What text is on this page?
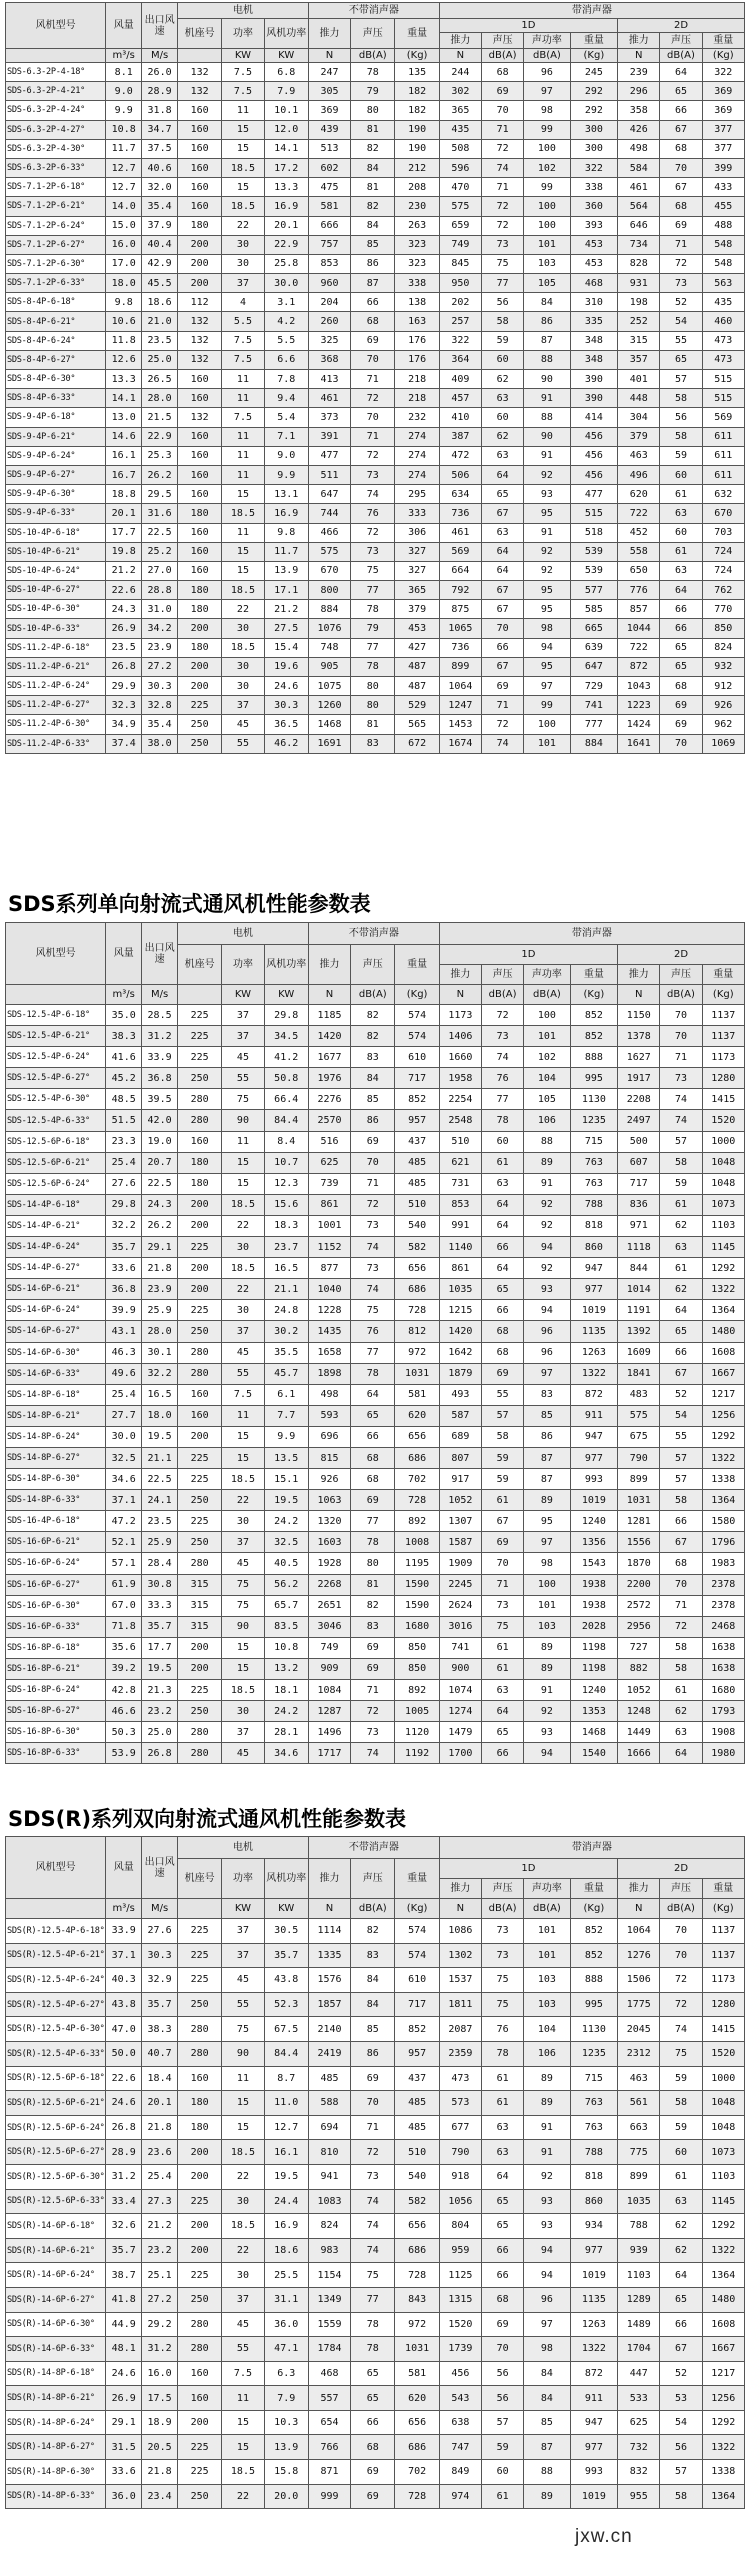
风机型号	风量	出口风速	电机			不带消声器			带消声器						
			机座号	功率	风机功率	推力	声压	重量	1D				2D		
									推力	声压	声功率	重量	推力	声压	重量
	m³/s	M/s		KW	KW	N	dB(A)	(Kg)	N	dB(A)	dB(A)	(Kg)	N	dB(A)	(Kg)
SDS-6.3-2P-4-18°	8.1	26.0	132	7.5	6.8	247	78	135	244	68	96	245	239	64	322
SDS-6.3-2P-4-21°	9.0	28.9	132	7.5	7.9	305	79	182	302	69	97	292	296	65	369
SDS-6.3-2P-4-24°	9.9	31.8	160	11	10.1	369	80	182	365	70	98	292	358	66	369
SDS-6.3-2P-4-27°	10.8	34.7	160	15	12.0	439	81	190	435	71	99	300	426	67	377
SDS-6.3-2P-4-30°	11.7	37.5	160	15	14.1	513	82	190	508	72	100	300	498	68	377
SDS-6.3-2P-6-33°	12.7	40.6	160	18.5	17.2	602	84	212	596	74	102	322	584	70	399
SDS-7.1-2P-6-18°	12.7	32.0	160	15	13.3	475	81	208	470	71	99	338	461	67	433
SDS-7.1-2P-6-21°	14.0	35.4	160	18.5	16.9	581	82	230	575	72	100	360	564	68	455
SDS-7.1-2P-6-24°	15.0	37.9	180	22	20.1	666	84	263	659	72	100	393	646	69	488
SDS-7.1-2P-6-27°	16.0	40.4	200	30	22.9	757	85	323	749	73	101	453	734	71	548
SDS-7.1-2P-6-30°	17.0	42.9	200	30	25.8	853	86	323	845	75	103	453	828	72	548
SDS-7.1-2P-6-33°	18.0	45.5	200	37	30.0	960	87	338	950	77	105	468	931	73	563
SDS-8-4P-6-18°	9.8	18.6	112	4	3.1	204	66	138	202	56	84	310	198	52	435
SDS-8-4P-6-21°	10.6	21.0	132	5.5	4.2	260	68	163	257	58	86	335	252	54	460
SDS-8-4P-6-24°	11.8	23.5	132	7.5	5.5	325	69	176	322	59	87	348	315	55	473
SDS-8-4P-6-27°	12.6	25.0	132	7.5	6.6	368	70	176	364	60	88	348	357	65	473
SDS-8-4P-6-30°	13.3	26.5	160	11	7.8	413	71	218	409	62	90	390	401	57	515
SDS-8-4P-6-33°	14.1	28.0	160	11	9.4	461	72	218	457	63	91	390	448	58	515
SDS-9-4P-6-18°	13.0	21.5	132	7.5	5.4	373	70	232	410	60	88	414	304	56	569
SDS-9-4P-6-21°	14.6	22.9	160	11	7.1	391	71	274	387	62	90	456	379	58	611
SDS-9-4P-6-24°	16.1	25.3	160	11	9.0	477	72	274	472	63	91	456	463	59	611
SDS-9-4P-6-27°	16.7	26.2	160	11	9.9	511	73	274	506	64	92	456	496	60	611
SDS-9-4P-6-30°	18.8	29.5	160	15	13.1	647	74	295	634	65	93	477	620	61	632
SDS-9-4P-6-33°	20.1	31.6	180	18.5	16.9	744	76	333	736	67	95	515	722	63	670
SDS-10-4P-6-18°	17.7	22.5	160	11	9.8	466	72	306	461	63	91	518	452	60	703
SDS-10-4P-6-21°	19.8	25.2	160	15	11.7	575	73	327	569	64	92	539	558	61	724
SDS-10-4P-6-24°	21.2	27.0	160	15	13.9	670	75	327	664	64	92	539	650	63	724
SDS-10-4P-6-27°	22.6	28.8	180	18.5	17.1	800	77	365	792	67	95	577	776	64	762
SDS-10-4P-6-30°	24.3	31.0	180	22	21.2	884	78	379	875	67	95	585	857	66	770
SDS-10-4P-6-33°	26.9	34.2	200	30	27.5	1076	79	453	1065	70	98	665	1044	66	850
SDS-11.2-4P-6-18°	23.5	23.9	180	18.5	15.4	748	77	427	736	66	94	639	722	65	824
SDS-11.2-4P-6-21°	26.8	27.2	200	30	19.6	905	78	487	899	67	95	647	872	65	932
SDS-11.2-4P-6-24°	29.9	30.3	200	30	24.6	1075	80	487	1064	69	97	729	1043	68	912
SDS-11.2-4P-6-27°	32.3	32.8	225	37	30.3	1260	80	529	1247	71	99	741	1223	69	926
SDS-11.2-4P-6-30°	34.9	35.4	250	45	36.5	1468	81	565	1453	72	100	777	1424	69	962
SDS-11.2-4P-6-33°	37.4	38.0	250	55	46.2	1691	83	672	1674	74	101	884	1641	70	1069
SDS系列单向射流式通风机性能参数表
风机型号	风量	出口风速	电机			不带消声器			带消声器						
			机座号	功率	风机功率	推力	声压	重量	1D				2D		
									推力	声压	声功率	重量	推力	声压	重量
	m³/s	M/s		KW	KW	N	dB(A)	(Kg)	N	dB(A)	dB(A)	(Kg)	N	dB(A)	(Kg)
SDS-12.5-4P-6-18°	35.0	28.5	225	37	29.8	1185	82	574	1173	72	100	852	1150	70	1137
SDS-12.5-4P-6-21°	38.3	31.2	225	37	34.5	1420	82	574	1406	73	101	852	1378	70	1137
SDS-12.5-4P-6-24°	41.6	33.9	225	45	41.2	1677	83	610	1660	74	102	888	1627	71	1173
SDS-12.5-4P-6-27°	45.2	36.8	250	55	50.8	1976	84	717	1958	76	104	995	1917	73	1280
SDS-12.5-4P-6-30°	48.5	39.5	280	75	66.4	2276	85	852	2254	77	105	1130	2208	74	1415
SDS-12.5-4P-6-33°	51.5	42.0	280	90	84.4	2570	86	957	2548	78	106	1235	2497	74	1520
SDS-12.5-6P-6-18°	23.3	19.0	160	11	8.4	516	69	437	510	60	88	715	500	57	1000
SDS-12.5-6P-6-21°	25.4	20.7	180	15	10.7	625	70	485	621	61	89	763	607	58	1048
SDS-12.5-6P-6-24°	27.6	22.5	180	15	12.3	739	71	485	731	63	91	763	717	59	1048
SDS-14-4P-6-18°	29.8	24.3	200	18.5	15.6	861	72	510	853	64	92	788	836	61	1073
SDS-14-4P-6-21°	32.2	26.2	200	22	18.3	1001	73	540	991	64	92	818	971	62	1103
SDS-14-4P-6-24°	35.7	29.1	225	30	23.7	1152	74	582	1140	66	94	860	1118	63	1145
SDS-14-4P-6-27°	33.6	21.8	200	18.5	16.5	877	73	656	861	64	92	947	844	61	1292
SDS-14-6P-6-21°	36.8	23.9	200	22	21.1	1040	74	686	1035	65	93	977	1014	62	1322
SDS-14-6P-6-24°	39.9	25.9	225	30	24.8	1228	75	728	1215	66	94	1019	1191	64	1364
SDS-14-6P-6-27°	43.1	28.0	250	37	30.2	1435	76	812	1420	68	96	1135	1392	65	1480
SDS-14-6P-6-30°	46.3	30.1	280	45	35.5	1658	77	972	1642	68	96	1263	1609	66	1608
SDS-14-6P-6-33°	49.6	32.2	280	55	45.7	1898	78	1031	1879	69	97	1322	1841	67	1667
SDS-14-8P-6-18°	25.4	16.5	160	7.5	6.1	498	64	581	493	55	83	872	483	52	1217
SDS-14-8P-6-21°	27.7	18.0	160	11	7.7	593	65	620	587	57	85	911	575	54	1256
SDS-14-8P-6-24°	30.0	19.5	200	15	9.9	696	66	656	689	58	86	947	675	55	1292
SDS-14-8P-6-27°	32.5	21.1	225	15	13.5	815	68	686	807	59	87	977	790	57	1322
SDS-14-8P-6-30°	34.6	22.5	225	18.5	15.1	926	68	702	917	59	87	993	899	57	1338
SDS-14-8P-6-33°	37.1	24.1	250	22	19.5	1063	69	728	1052	61	89	1019	1031	58	1364
SDS-16-4P-6-18°	47.2	23.5	225	30	24.2	1320	77	892	1307	67	95	1240	1281	66	1580
SDS-16-6P-6-21°	52.1	25.9	250	37	32.5	1603	78	1008	1587	69	97	1356	1556	67	1796
SDS-16-6P-6-24°	57.1	28.4	280	45	40.5	1928	80	1195	1909	70	98	1543	1870	68	1983
SDS-16-6P-6-27°	61.9	30.8	315	75	56.2	2268	81	1590	2245	71	100	1938	2200	70	2378
SDS-16-6P-6-30°	67.0	33.3	315	75	65.7	2651	82	1590	2624	73	101	1938	2572	71	2378
SDS-16-6P-6-33°	71.8	35.7	315	90	83.5	3046	83	1680	3016	75	103	2028	2956	72	2468
SDS-16-8P-6-18°	35.6	17.7	200	15	10.8	749	69	850	741	61	89	1198	727	58	1638
SDS-16-8P-6-21°	39.2	19.5	200	15	13.2	909	69	850	900	61	89	1198	882	58	1638
SDS-16-8P-6-24°	42.8	21.3	225	18.5	18.1	1084	71	892	1074	63	91	1240	1052	61	1680
SDS-16-8P-6-27°	46.6	23.2	250	30	24.2	1287	72	1005	1274	64	92	1353	1248	62	1793
SDS-16-8P-6-30°	50.3	25.0	280	37	28.1	1496	73	1120	1479	65	93	1468	1449	63	1908
SDS-16-8P-6-33°	53.9	26.8	280	45	34.6	1717	74	1192	1700	66	94	1540	1666	64	1980
SDS(R)系列双向射流式通风机性能参数表
风机型号	风量	出口风速	电机			不带消声器			带消声器						
			机座号	功率	风机功率	推力	声压	重量	1D				2D		
									推力	声压	声功率	重量	推力	声压	重量
	m³/s	M/s		KW	KW	N	dB(A)	(Kg)	N	dB(A)	dB(A)	(Kg)	N	dB(A)	(Kg)
SDS(R)-12.5-4P-6-18°	33.9	27.6	225	37	30.5	1114	82	574	1086	73	101	852	1064	70	1137
SDS(R)-12.5-4P-6-21°	37.1	30.3	225	37	35.7	1335	83	574	1302	73	101	852	1276	70	1137
SDS(R)-12.5-4P-6-24°	40.3	32.9	225	45	43.8	1576	84	610	1537	75	103	888	1506	72	1173
SDS(R)-12.5-4P-6-27°	43.8	35.7	250	55	52.3	1857	84	717	1811	75	103	995	1775	72	1280
SDS(R)-12.5-4P-6-30°	47.0	38.3	280	75	67.5	2140	85	852	2087	76	104	1130	2045	74	1415
SDS(R)-12.5-4P-6-33°	50.0	40.7	280	90	84.4	2419	86	957	2359	78	106	1235	2312	75	1520
SDS(R)-12.5-6P-6-18°	22.6	18.4	160	11	8.7	485	69	437	473	61	89	715	463	59	1000
SDS(R)-12.5-6P-6-21°	24.6	20.1	180	15	11.0	588	70	485	573	61	89	763	561	58	1048
SDS(R)-12.5-6P-6-24°	26.8	21.8	180	15	12.7	694	71	485	677	63	91	763	663	59	1048
SDS(R)-12.5-6P-6-27°	28.9	23.6	200	18.5	16.1	810	72	510	790	63	91	788	775	60	1073
SDS(R)-12.5-6P-6-30°	31.2	25.4	200	22	19.5	941	73	540	918	64	92	818	899	61	1103
SDS(R)-12.5-6P-6-33°	33.4	27.3	225	30	24.4	1083	74	582	1056	65	93	860	1035	63	1145
SDS(R)-14-6P-6-18°	32.6	21.2	200	18.5	16.9	824	74	656	804	65	93	934	788	62	1292
SDS(R)-14-6P-6-21°	35.7	23.2	200	22	18.6	983	74	686	959	66	94	977	939	62	1322
SDS(R)-14-6P-6-24°	38.7	25.1	225	30	25.5	1154	75	728	1125	66	94	1019	1103	64	1364
SDS(R)-14-6P-6-27°	41.8	27.2	250	37	31.1	1349	77	843	1315	68	96	1135	1289	65	1480
SDS(R)-14-6P-6-30°	44.9	29.2	280	45	36.0	1559	78	972	1520	69	97	1263	1489	66	1608
SDS(R)-14-6P-6-33°	48.1	31.2	280	55	47.1	1784	78	1031	1739	70	98	1322	1704	67	1667
SDS(R)-14-8P-6-18°	24.6	16.0	160	7.5	6.3	468	65	581	456	56	84	872	447	52	1217
SDS(R)-14-8P-6-21°	26.9	17.5	160	11	7.9	557	65	620	543	56	84	911	533	53	1256
SDS(R)-14-8P-6-24°	29.1	18.9	200	15	10.3	654	66	656	638	57	85	947	625	54	1292
SDS(R)-14-8P-6-27°	31.5	20.5	225	15	13.9	766	68	686	747	59	87	977	732	56	1322
SDS(R)-14-8P-6-30°	33.6	21.8	225	18.5	15.8	871	69	702	849	60	88	993	832	57	1338
SDS(R)-14-8P-6-33°	36.0	23.4	250	22	20.0	999	69	728	974	61	89	1019	955	58	1364
jxw.cn
